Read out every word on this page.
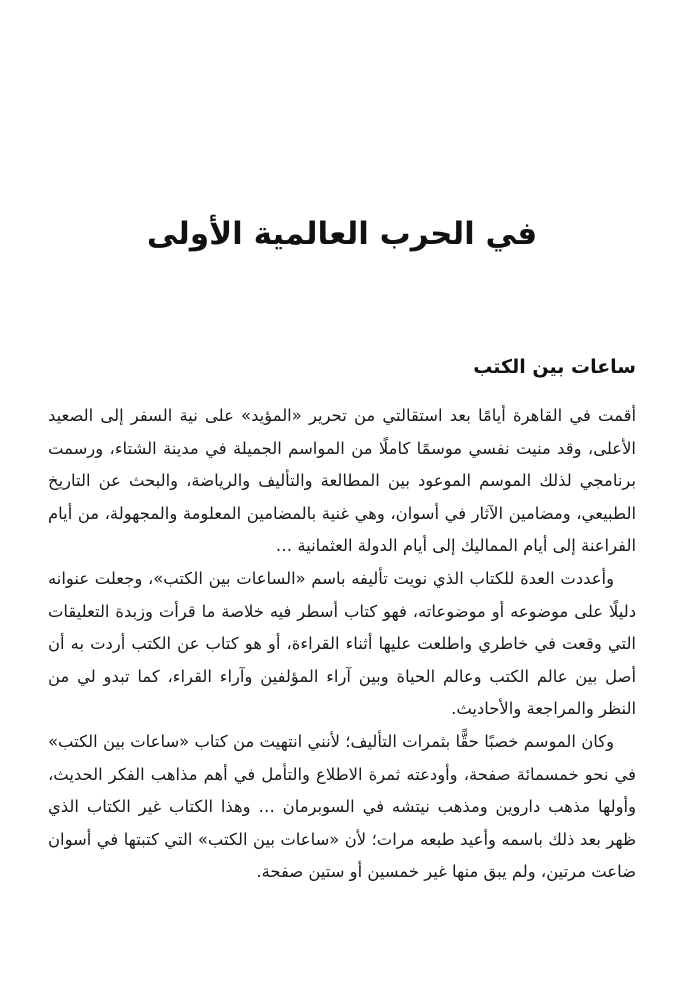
في الحرب العالمية الأولى
ساعات بين الكتب

أقمت في القاهرة أيامًا بعد استقالتي من تحرير «المؤيد» على نية السفر إلى الصعيد الأعلى، وقد منيت نفسي موسمًا كاملًا من المواسم الجميلة في مدينة الشتاء، ورسمت برنامجي لذلك الموسم الموعود بين المطالعة والتأليف والرياضة، والبحث عن التاريخ الطبيعي، ومضامين الآثار في أسوان، وهي غنية بالمضامين المعلومة والمجهولة، من أيام الفراعنة إلى أيام المماليك إلى أيام الدولة العثمانية …

وأعددت العدة للكتاب الذي نويت تأليفه باسم «الساعات بين الكتب»، وجعلت عنوانه دليلًا على موضوعه أو موضوعاته، فهو كتاب أسطر فيه خلاصة ما قرأت وزبدة التعليقات التي وقعت في خاطري واطلعت عليها أثناء القراءة، أو هو كتاب عن الكتب أردت به أن أصل بين عالم الكتب وعالم الحياة وبين آراء المؤلفين وآراء القراء، كما تبدو لي من النظر والمراجعة والأحاديث.

وكان الموسم خصبًا حقًّا بثمرات التأليف؛ لأنني انتهيت من كتاب «ساعات بين الكتب» في نحو خمسمائة صفحة، وأودعته ثمرة الاطلاع والتأمل في أهم مذاهب الفكر الحديث، وأولها مذهب داروين ومذهب نيتشه في السوبرمان … وهذا الكتاب غير الكتاب الذي ظهر بعد ذلك باسمه وأعيد طبعه مرات؛ لأن «ساعات بين الكتب» التي كتبتها في أسوان ضاعت مرتين، ولم يبق منها غير خمسين أو ستين صفحة.
